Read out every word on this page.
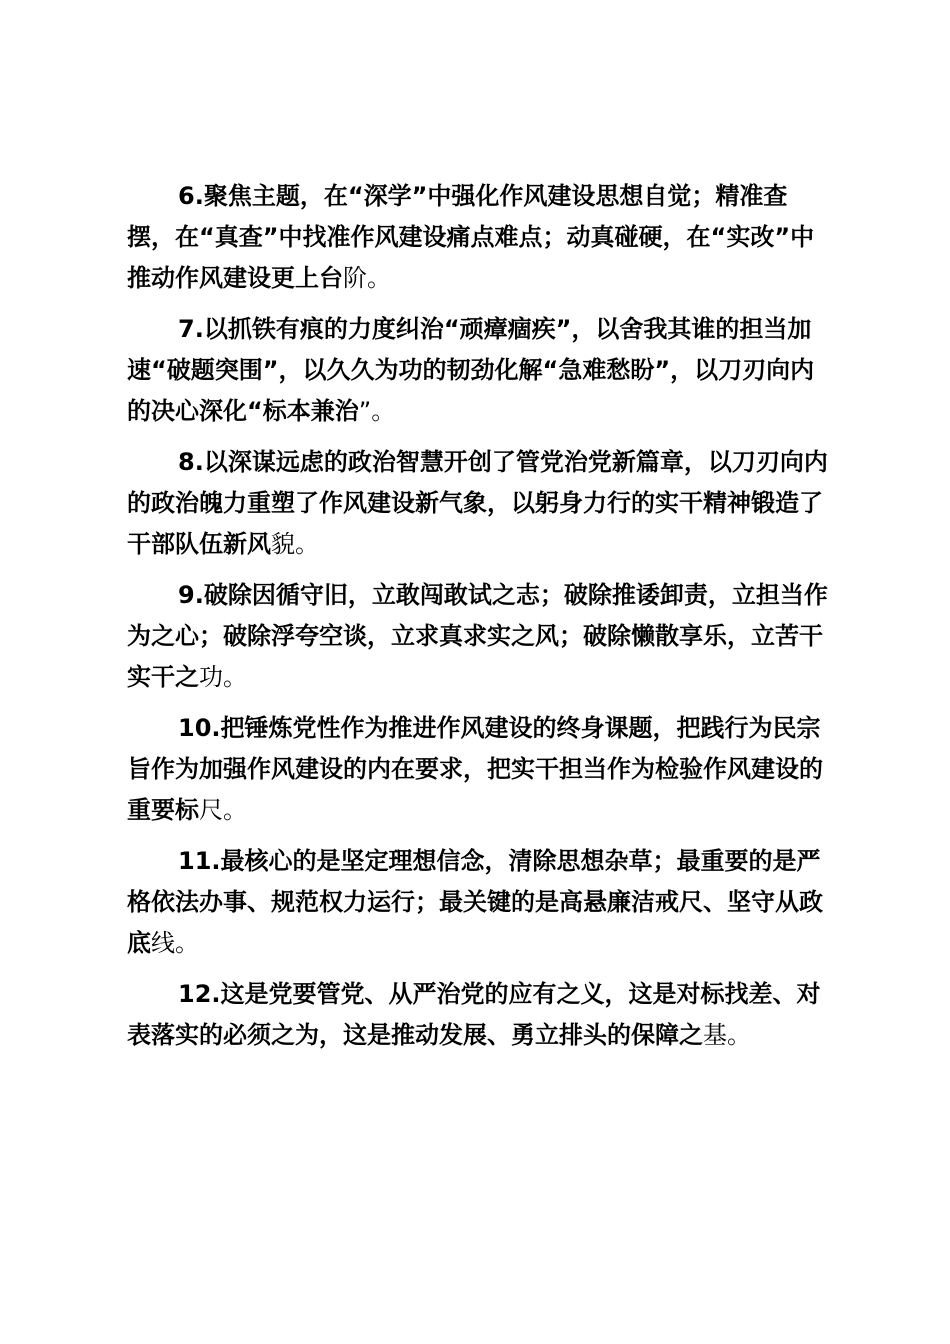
6.聚焦主题，在“深学”中强化作风建设思想自觉；精准查摆，在“真查”中找准作风建设痛点难点；动真碰硬，在“实改”中推动作风建设更上台阶。

7.以抓铁有痕的力度纠治“顽瘴痼疾”，以舍我其谁的担当加速“破题突围”，以久久为功的韧劲化解“急难愁盼”，以刀刃向内的决心深化“标本兼治”。

8.以深谋远虑的政治智慧开创了管党治党新篇章，以刀刃向内的政治魄力重塑了作风建设新气象，以躬身力行的实干精神锻造了干部队伍新风貌。

9.破除因循守旧，立敢闯敢试之志；破除推诿卸责，立担当作为之心；破除浮夸空谈，立求真求实之风；破除懒散享乐，立苦干实干之功。

10.把锤炼党性作为推进作风建设的终身课题，把践行为民宗旨作为加强作风建设的内在要求，把实干担当作为检验作风建设的重要标尺。

11.最核心的是坚定理想信念，清除思想杂草；最重要的是严格依法办事、规范权力运行；最关键的是高悬廉洁戒尺、坚守从政底线。

12.这是党要管党、从严治党的应有之义，这是对标找差、对表落实的必须之为，这是推动发展、勇立排头的保障之基。
